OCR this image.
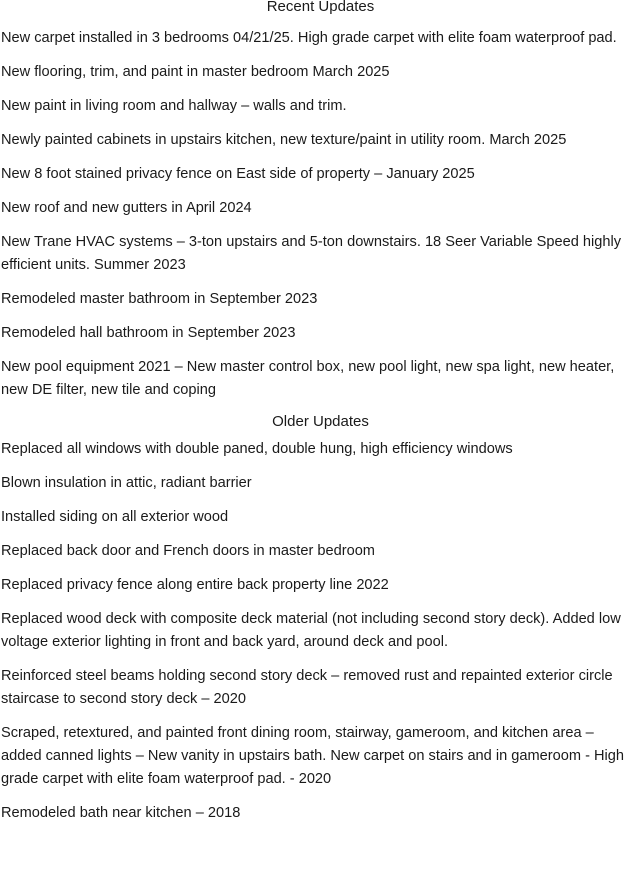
Recent Updates

New carpet installed in 3 bedrooms 04/21/25. High grade carpet with elite foam waterproof pad.

New flooring, trim, and paint in master bedroom March 2025

New paint in living room and hallway – walls and trim.

Newly painted cabinets in upstairs kitchen, new texture/paint in utility room. March 2025

New 8 foot stained privacy fence on East side of property – January 2025

New roof and new gutters in April 2024

New Trane HVAC systems – 3-ton upstairs and 5-ton downstairs. 18 Seer Variable Speed highly efficient units. Summer 2023

Remodeled master bathroom in September 2023

Remodeled hall bathroom in September 2023

New pool equipment 2021 – New master control box, new pool light, new spa light, new heater, new DE filter, new tile and coping

Older Updates

Replaced all windows with double paned, double hung, high efficiency windows

Blown insulation in attic, radiant barrier

Installed siding on all exterior wood

Replaced back door and French doors in master bedroom

Replaced privacy fence along entire back property line 2022

Replaced wood deck with composite deck material (not including second story deck). Added low voltage exterior lighting in front and back yard, around deck and pool.

Reinforced steel beams holding second story deck – removed rust and repainted exterior circle staircase to second story deck – 2020

Scraped, retextured, and painted front dining room, stairway, gameroom, and kitchen area – added canned lights – New vanity in upstairs bath. New carpet on stairs and in gameroom - High grade carpet with elite foam waterproof pad. - 2020

Remodeled bath near kitchen – 2018
